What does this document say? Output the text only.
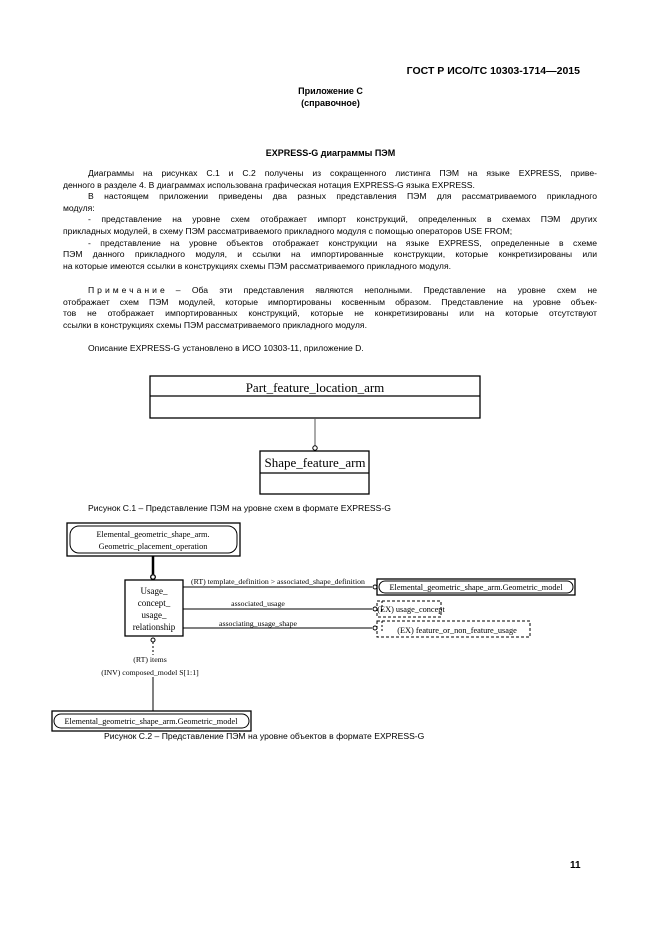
ГОСТ Р ИСО/ТС 10303-1714—2015
Приложение С
(справочное)
EXPRESS-G диаграммы ПЭМ
Диаграммы на рисунках С.1 и С.2 получены из сокращенного листинга ПЭМ на языке EXPRESS, приве-
денного в разделе 4. В диаграммах использована графическая нотация EXPRESS-G языка EXPRESS.
В настоящем приложении приведены два разных представления ПЭМ для рассматриваемого прикладного
модуля:
- представление на уровне схем отображает импорт конструкций, определенных в схемах ПЭМ других
прикладных модулей, в схему ПЭМ рассматриваемого прикладного модуля с помощью операторов USE FROM;
- представление на уровне объектов отображает конструкции на языке EXPRESS, определенные в схеме
ПЭМ данного прикладного модуля, и ссылки на импортированные конструкции, которые конкретизированы или
на которые имеются ссылки в конструкциях схемы ПЭМ рассматриваемого прикладного модуля.
Примечание – Оба эти представления являются неполными. Представление на уровне схем не
отображает схем ПЭМ модулей, которые импортированы косвенным образом. Представление на уровне объек-
тов не отображает импортированных конструкций, которые не конкретизированы или на которые отсутствуют
ссылки в конструкциях схемы ПЭМ рассматриваемого прикладного модуля.
Описание EXPRESS-G установлено в ИСО 10303-11, приложение D.
Part_feature_location_arm
Shape_feature_arm
Elemental_geometric_shape_arm.
Geometric_placement_operation
Usage_
concept_
usage_
relationship
(RT) template_definition > associated_shape_definition
Elemental_geometric_shape_arm.Geometric_model
associated_usage
(EX) usage_concept
associating_usage_shape
(EX) feature_or_non_feature_usage
(RT) items
(INV) composed_model S[1:1]
Elemental_geometric_shape_arm.Geometric_model
Рисунок С.1 – Представление ПЭМ на уровне схем в формате EXPRESS-G
Рисунок С.2 – Представление ПЭМ на уровне объектов в формате EXPRESS-G
11
